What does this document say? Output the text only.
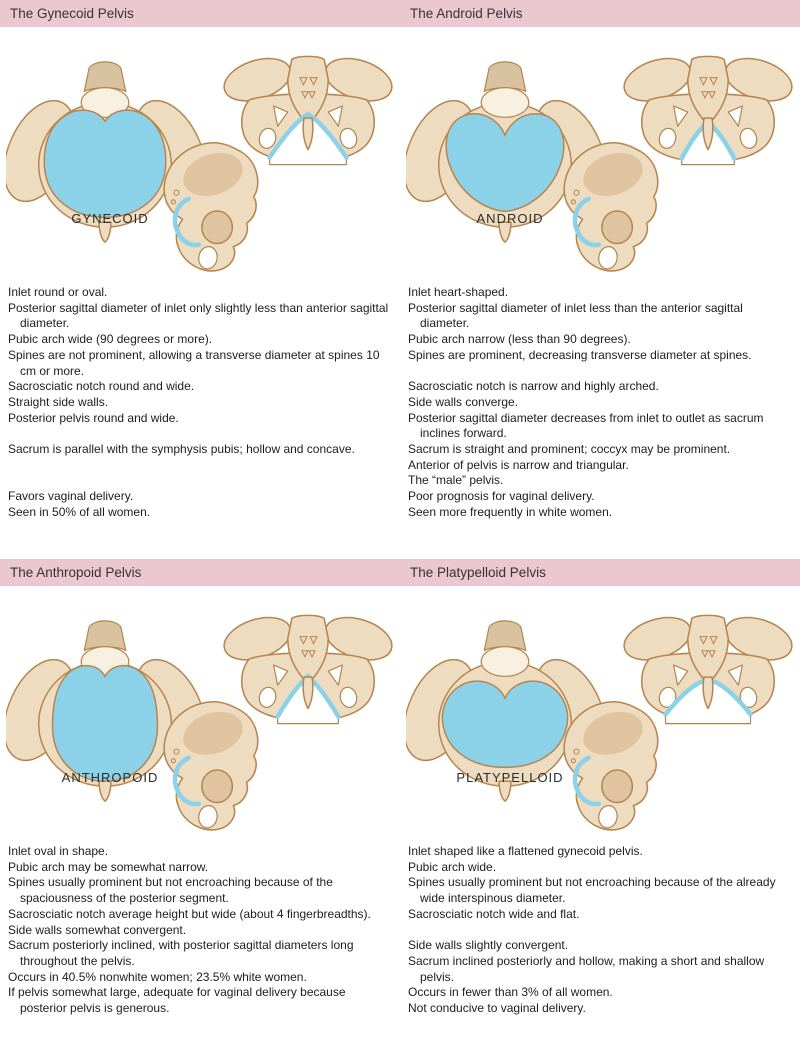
The Gynecoid Pelvis
GYNECOID

Inlet round or oval.

Posterior sagittal diameter of inlet only slightly less than anterior sagittal diameter.

Pubic arch wide (90 degrees or more).

Spines are not prominent, allowing a transverse diameter at spines 10 cm or more.

Sacrosciatic notch round and wide.

Straight side walls.

Posterior pelvis round and wide.

Sacrum is parallel with the symphysis pubis; hollow and concave.

Favors vaginal delivery.

Seen in 50% of all women.

The Android Pelvis
ANDROID

Inlet heart-shaped.

Posterior sagittal diameter of inlet less than the anterior sagittal diameter.

Pubic arch narrow (less than 90 degrees).

Spines are prominent, decreasing transverse diameter at spines.

Sacrosciatic notch is narrow and highly arched.

Side walls converge.

Posterior sagittal diameter decreases from inlet to outlet as sacrum inclines forward.

Sacrum is straight and prominent; coccyx may be prominent.

Anterior of pelvis is narrow and triangular.

The “male” pelvis.

Poor prognosis for vaginal delivery.

Seen more frequently in white women.

The Anthropoid Pelvis
ANTHROPOID

Inlet oval in shape.

Pubic arch may be somewhat narrow.

Spines usually prominent but not encroaching because of the spaciousness of the posterior segment.

Sacrosciatic notch average height but wide (about 4 fingerbreadths).

Side walls somewhat convergent.

Sacrum posteriorly inclined, with posterior sagittal diameters long throughout the pelvis.

Occurs in 40.5% nonwhite women; 23.5% white women.

If pelvis somewhat large, adequate for vaginal delivery because posterior pelvis is generous.

The Platypelloid Pelvis
PLATYPELLOID

Inlet shaped like a flattened gynecoid pelvis.

Pubic arch wide.

Spines usually prominent but not encroaching because of the already wide interspinous diameter.

Sacrosciatic notch wide and flat.

Side walls slightly convergent.

Sacrum inclined posteriorly and hollow, making a short and shallow pelvis.

Occurs in fewer than 3% of all women.

Not conducive to vaginal delivery.
